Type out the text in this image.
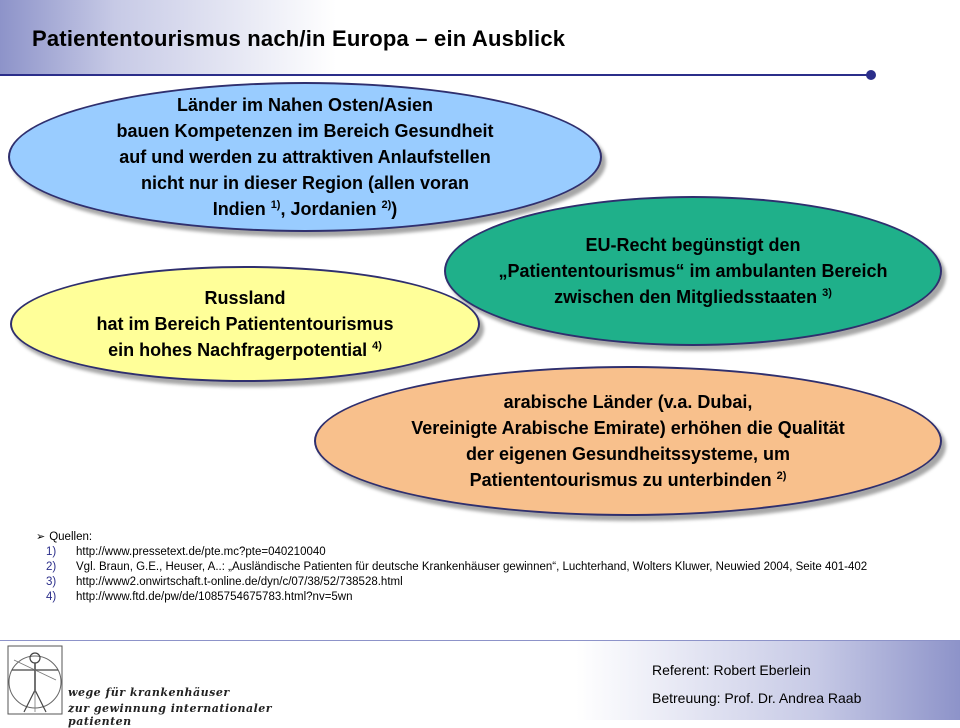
Patiententourismus nach/in Europa – ein Ausblick
Länder im Nahen Osten/Asien
bauen Kompetenzen im Bereich Gesundheit
auf und werden zu attraktiven Anlaufstellen
nicht nur in dieser Region (allen voran
Indien $^{1)}$, Jordanien $^{2)}$)
EU-Recht begünstigt den
„Patiententourismus“ im ambulanten Bereich
zwischen den Mitgliedsstaaten $^{3)}$
Russland
hat im Bereich Patiententourismus
ein hohes Nachfragerpotential $^{4)}$
arabische Länder (v.a. Dubai,
Vereinigte Arabische Emirate) erhöhen die Qualität
der eigenen Gesundheitssysteme, um
Patiententourismus zu unterbinden $^{2)}$
➢ Quellen:
1)	http://www.pressetext.de/pte.mc?pte=040210040
2)	Vgl. Braun, G.E., Heuser, A..: „Ausländische Patienten für deutsche Krankenhäuser gewinnen“, Luchterhand, Wolters Kluwer, Neuwied 2004, Seite 401-402
3)	http://www2.onwirtschaft.t-online.de/dyn/c/07/38/52/738528.html
4)	http://www.ftd.de/pw/de/1085754675783.html?nv=5wn
wege für krankenhäuser
zur gewinnung internationaler patienten
Referent: Robert Eberlein
Betreuung: Prof. Dr. Andrea Raab
